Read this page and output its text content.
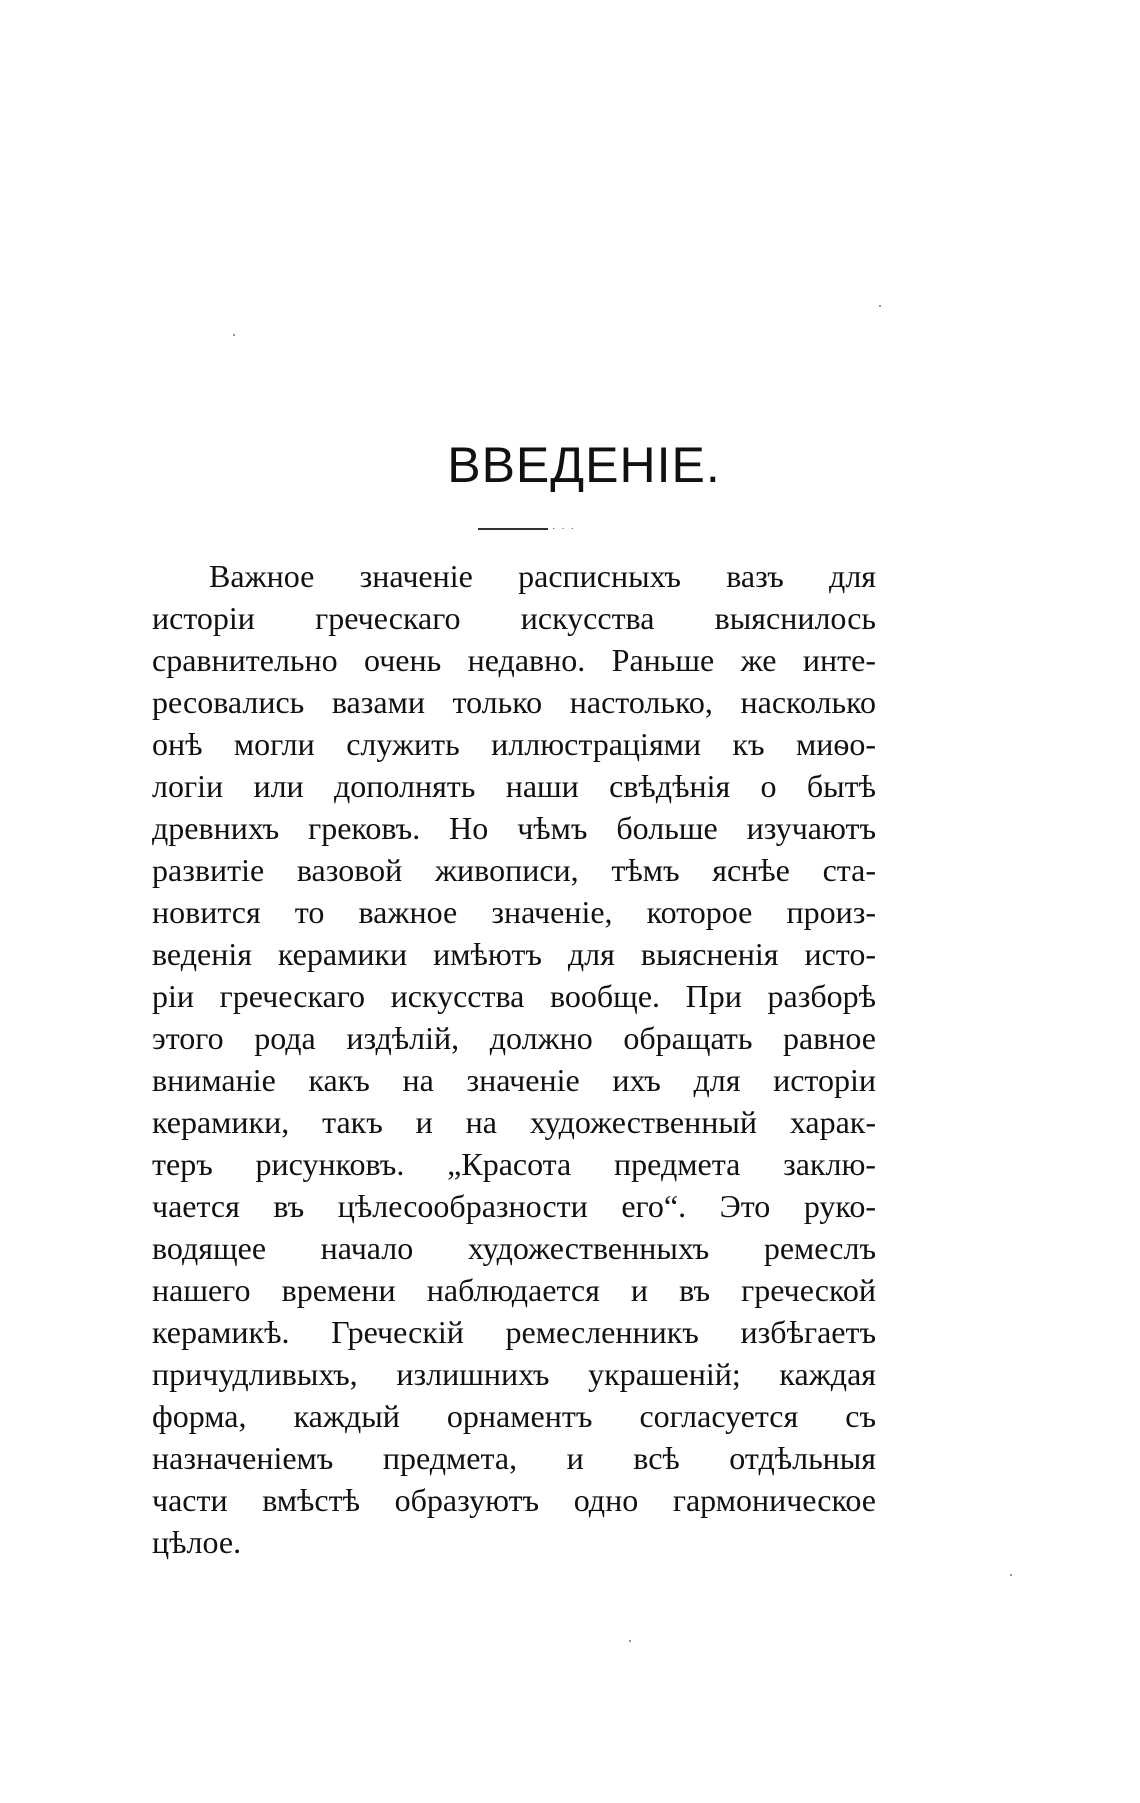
ВВЕДЕНІЕ.
···
Важное значеніе расписныхъ вазъ для
исторіи греческаго искусства выяснилось
сравнительно очень недавно. Раньше же инте-
ресовались вазами только настолько, насколько
онѣ могли служить иллюстраціями къ миѳо-
логіи или дополнять наши свѣдѣнія о бытѣ
древнихъ грековъ. Но чѣмъ больше изучаютъ
развитіе вазовой живописи, тѣмъ яснѣе ста-
новится то важное значеніе, которое произ-
веденія керамики имѣютъ для выясненія исто-
ріи греческаго искусства вообще. При разборѣ
этого рода издѣлій, должно обращать равное
вниманіе какъ на значеніе ихъ для исторіи
керамики, такъ и на художественный харак-
теръ рисунковъ. „Красота предмета заклю-
чается въ цѣлесообразности его“. Это руко-
водящее начало художественныхъ ремеслъ
нашего времени наблюдается и въ греческой
керамикѣ. Греческій ремесленникъ избѣгаетъ
причудливыхъ, излишнихъ украшеній; каждая
форма, каждый орнаментъ согласуется съ
назначеніемъ предмета, и всѣ отдѣльныя
части вмѣстѣ образуютъ одно гармоническое
цѣлое.
